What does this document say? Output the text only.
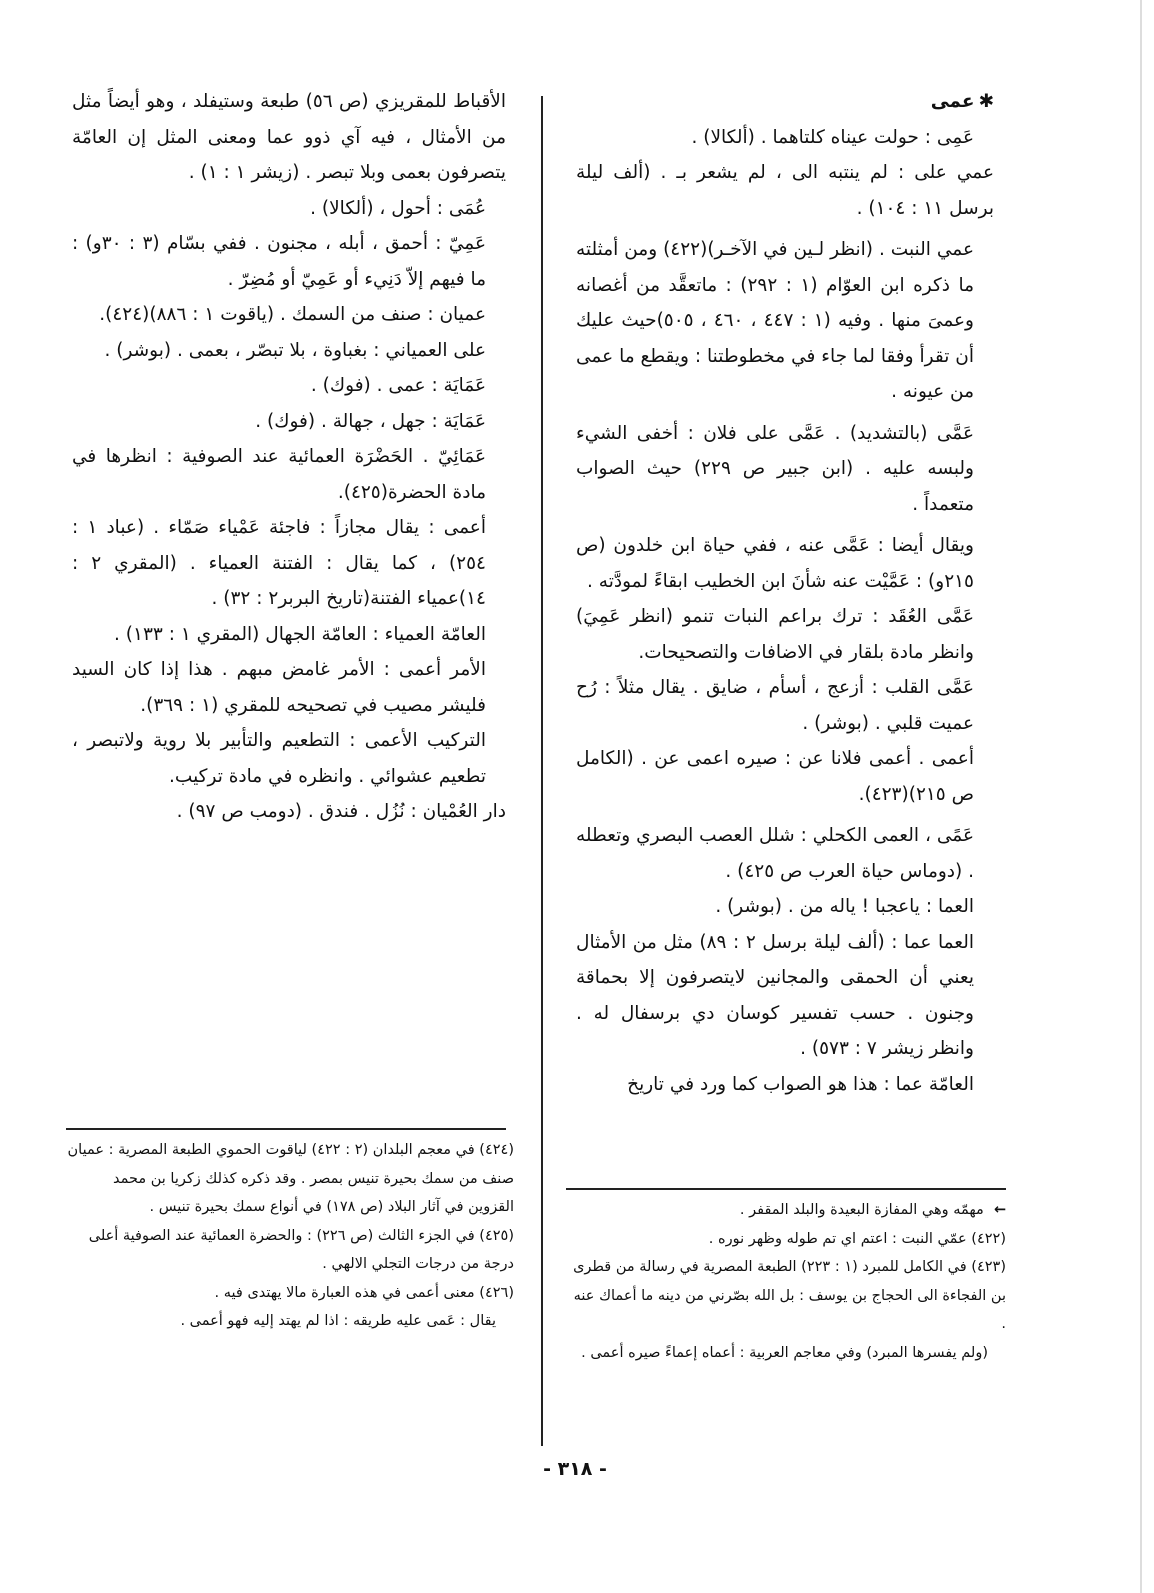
✱عمى

عَمِى : حولت عيناه كلتاهما . (ألكالا) .

عمي على : لم ينتبه الى ، لم يشعر بـ . (ألف ليلة برسل ١١ : ١٠٤) .

عمي النبت . (انظر لـين في الآخـر)(٤٢٢) ومن أمثلته ما ذكره ابن العوّام (١ : ٢٩٢) : ماتعقَّد من أغصانه وعمىَ منها . وفيه (١ : ٤٤٧ ، ٤٦٠ ، ٥٠٥)حيث عليك أن تقرأ وفقا لما جاء في مخطوطتنا : ويقطع ما عمى من عيونه .

عَمَّى (بالتشديد) . عَمَّى على فلان : أخفى الشيء ولبسه عليه . (ابن جبير ص ٢٢٩) حيث الصواب متعمداً .

ويقال أيضا : عَمَّى عنه ، ففي حياة ابن خلدون (ص ٢١٥و) : عَمَّيْت عنه شأنَ ابن الخطيب ابقاءً لمودَّته .

عَمَّى العُقَد : ترك براعم النبات تنمو (انظر عَمِيَ) وانظر مادة بلقار في الاضافات والتصحيحات.

عَمَّى القلب : أزعج ، أسأم ، ضايق . يقال مثلاً : رُح عميت قلبي . (بوشر) .

أعمى . أعمى فلانا عن : صيره اعمى عن . (الكامل ص ٢١٥)(٤٢٣).

عَمًى ، العمى الكحلي : شلل العصب البصري وتعطله . (دوماس حياة العرب ص ٤٢٥) .

العما : ياعجبا ! ياله من . (بوشر) .

العما عما : (ألف ليلة برسل ٢ : ٨٩) مثل من الأمثال يعني أن الحمقى والمجانين لايتصرفون إلا بحماقة وجنون . حسب تفسير كوسان دي برسفال له . وانظر زيشر ٧ : ٥٧٣) .

العامّة عما : هذا هو الصواب كما ورد في تاريخ

الأقباط للمقريزي (ص ٥٦) طبعة وستيفلد ، وهو أيضاً مثل من الأمثال ، فيه آي ذوو عما ومعنى المثل إن العامّة يتصرفون بعمى وبلا تبصر . (زيشر ١ : ١) .

عُمَى : أحول ، (ألكالا) .

عَمِيّ : أحمق ، أبله ، مجنون . ففي بسّام (٣ : ٣٠و) : ما فيهم إلاّ دَنِيء أو عَمِيّ أو مُضِرّ .

عميان : صنف من السمك . (ياقوت ١ : ٨٨٦)(٤٢٤).

على العمياني : بغباوة ، بلا تبصّر ، بعمى . (بوشر) .

عَمَايَة : عمى . (فوك) .

عَمَايَة : جهل ، جهالة . (فوك) .

عَمَائِيّ . الحَضْرَة العمائية عند الصوفية : انظرها في مادة الحضرة(٤٢٥).

أعمى : يقال مجازاً : فاجئة عَمْياء صَمّاء . (عباد ١ : ٢٥٤) ، كما يقال : الفتنة العمياء . (المقري ٢ : ١٤)عمياء الفتنة(تاريخ البربر٢ : ٣٢) .

العامّة العمياء : العامّة الجهال (المقري ١ : ١٣٣) .

الأمر أعمى : الأمر غامض مبهم . هذا إذا كان السيد فليشر مصيب في تصحيحه للمقري (١ : ٣٦٩).

التركيب الأعمى : التطعيم والتأبير بلا روية ولاتبصر ، تطعيم عشوائي . وانظره في مادة تركيب.

دار العُمْيان : نُزُل . فندق . (دومب ص ٩٧) .

←مهمّه وهي المفازة البعيدة والبلد المقفر .

(٤٢٢) عمّي النبت : اعتم اي تم طوله وظهر نوره .

(٤٢٣) في الكامل للمبرد (١ : ٢٢٣) الطبعة المصرية في رسالة من قطرى بن الفجاءة الى الحجاج بن يوسف : بل الله بصّرني من دينه ما أعماك عنه .

(ولم يفسرها المبرد) وفي معاجم العربية : أعماه إعماءً صيره أعمى .

(٤٢٤) في معجم البلدان (٢ : ٤٢٢) لياقوت الحموي الطبعة المصرية : عميان صنف من سمك بحيرة تنيس بمصر . وقد ذكره كذلك زكريا بن محمد القزوين في آثار البلاد (ص ١٧٨) في أنواع سمك بحيرة تنيس .

(٤٢٥) في الجزء الثالث (ص ٢٢٦) : والحضرة العمائية عند الصوفية أعلى درجة من درجات التجلي الالهي .

(٤٢٦) معنى أعمى في هذه العبارة مالا يهتدى فيه .

يقال : عَمى عليه طريقه : اذا لم يهتد إليه فهو أعمى .

- ٣١٨ -
